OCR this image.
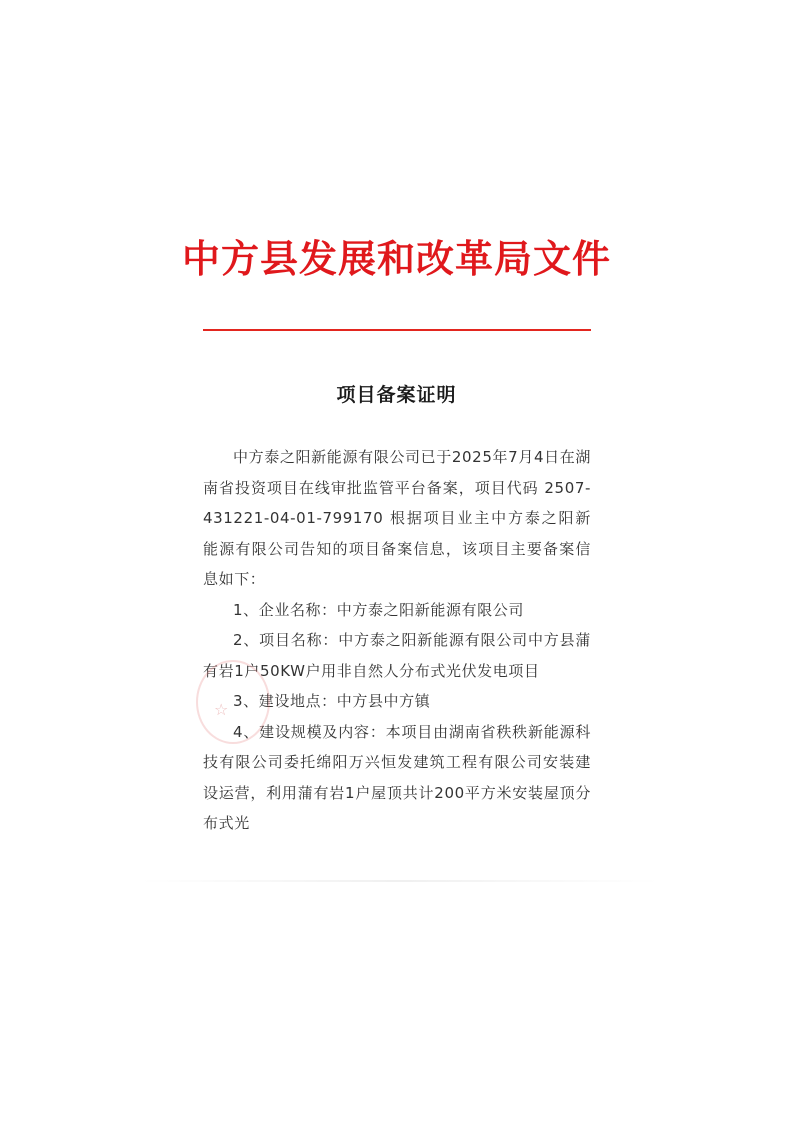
中方县发展和改革局文件
项目备案证明

中方泰之阳新能源有限公司已于2025年7月4日在湖南省投资项目在线审批监管平台备案，项目代码 2507-431221-04-01-799170 根据项目业主中方泰之阳新能源有限公司告知的项目备案信息，该项目主要备案信息如下：

1、企业名称：中方泰之阳新能源有限公司

2、项目名称：中方泰之阳新能源有限公司中方县蒲有岩1户50KW户用非自然人分布式光伏发电项目

3、建设地点：中方县中方镇

4、建设规模及内容：本项目由湖南省秩秩新能源科技有限公司委托绵阳万兴恒发建筑工程有限公司安装建设运营，利用蒲有岩1户屋顶共计200平方米安装屋顶分布式光

☆
